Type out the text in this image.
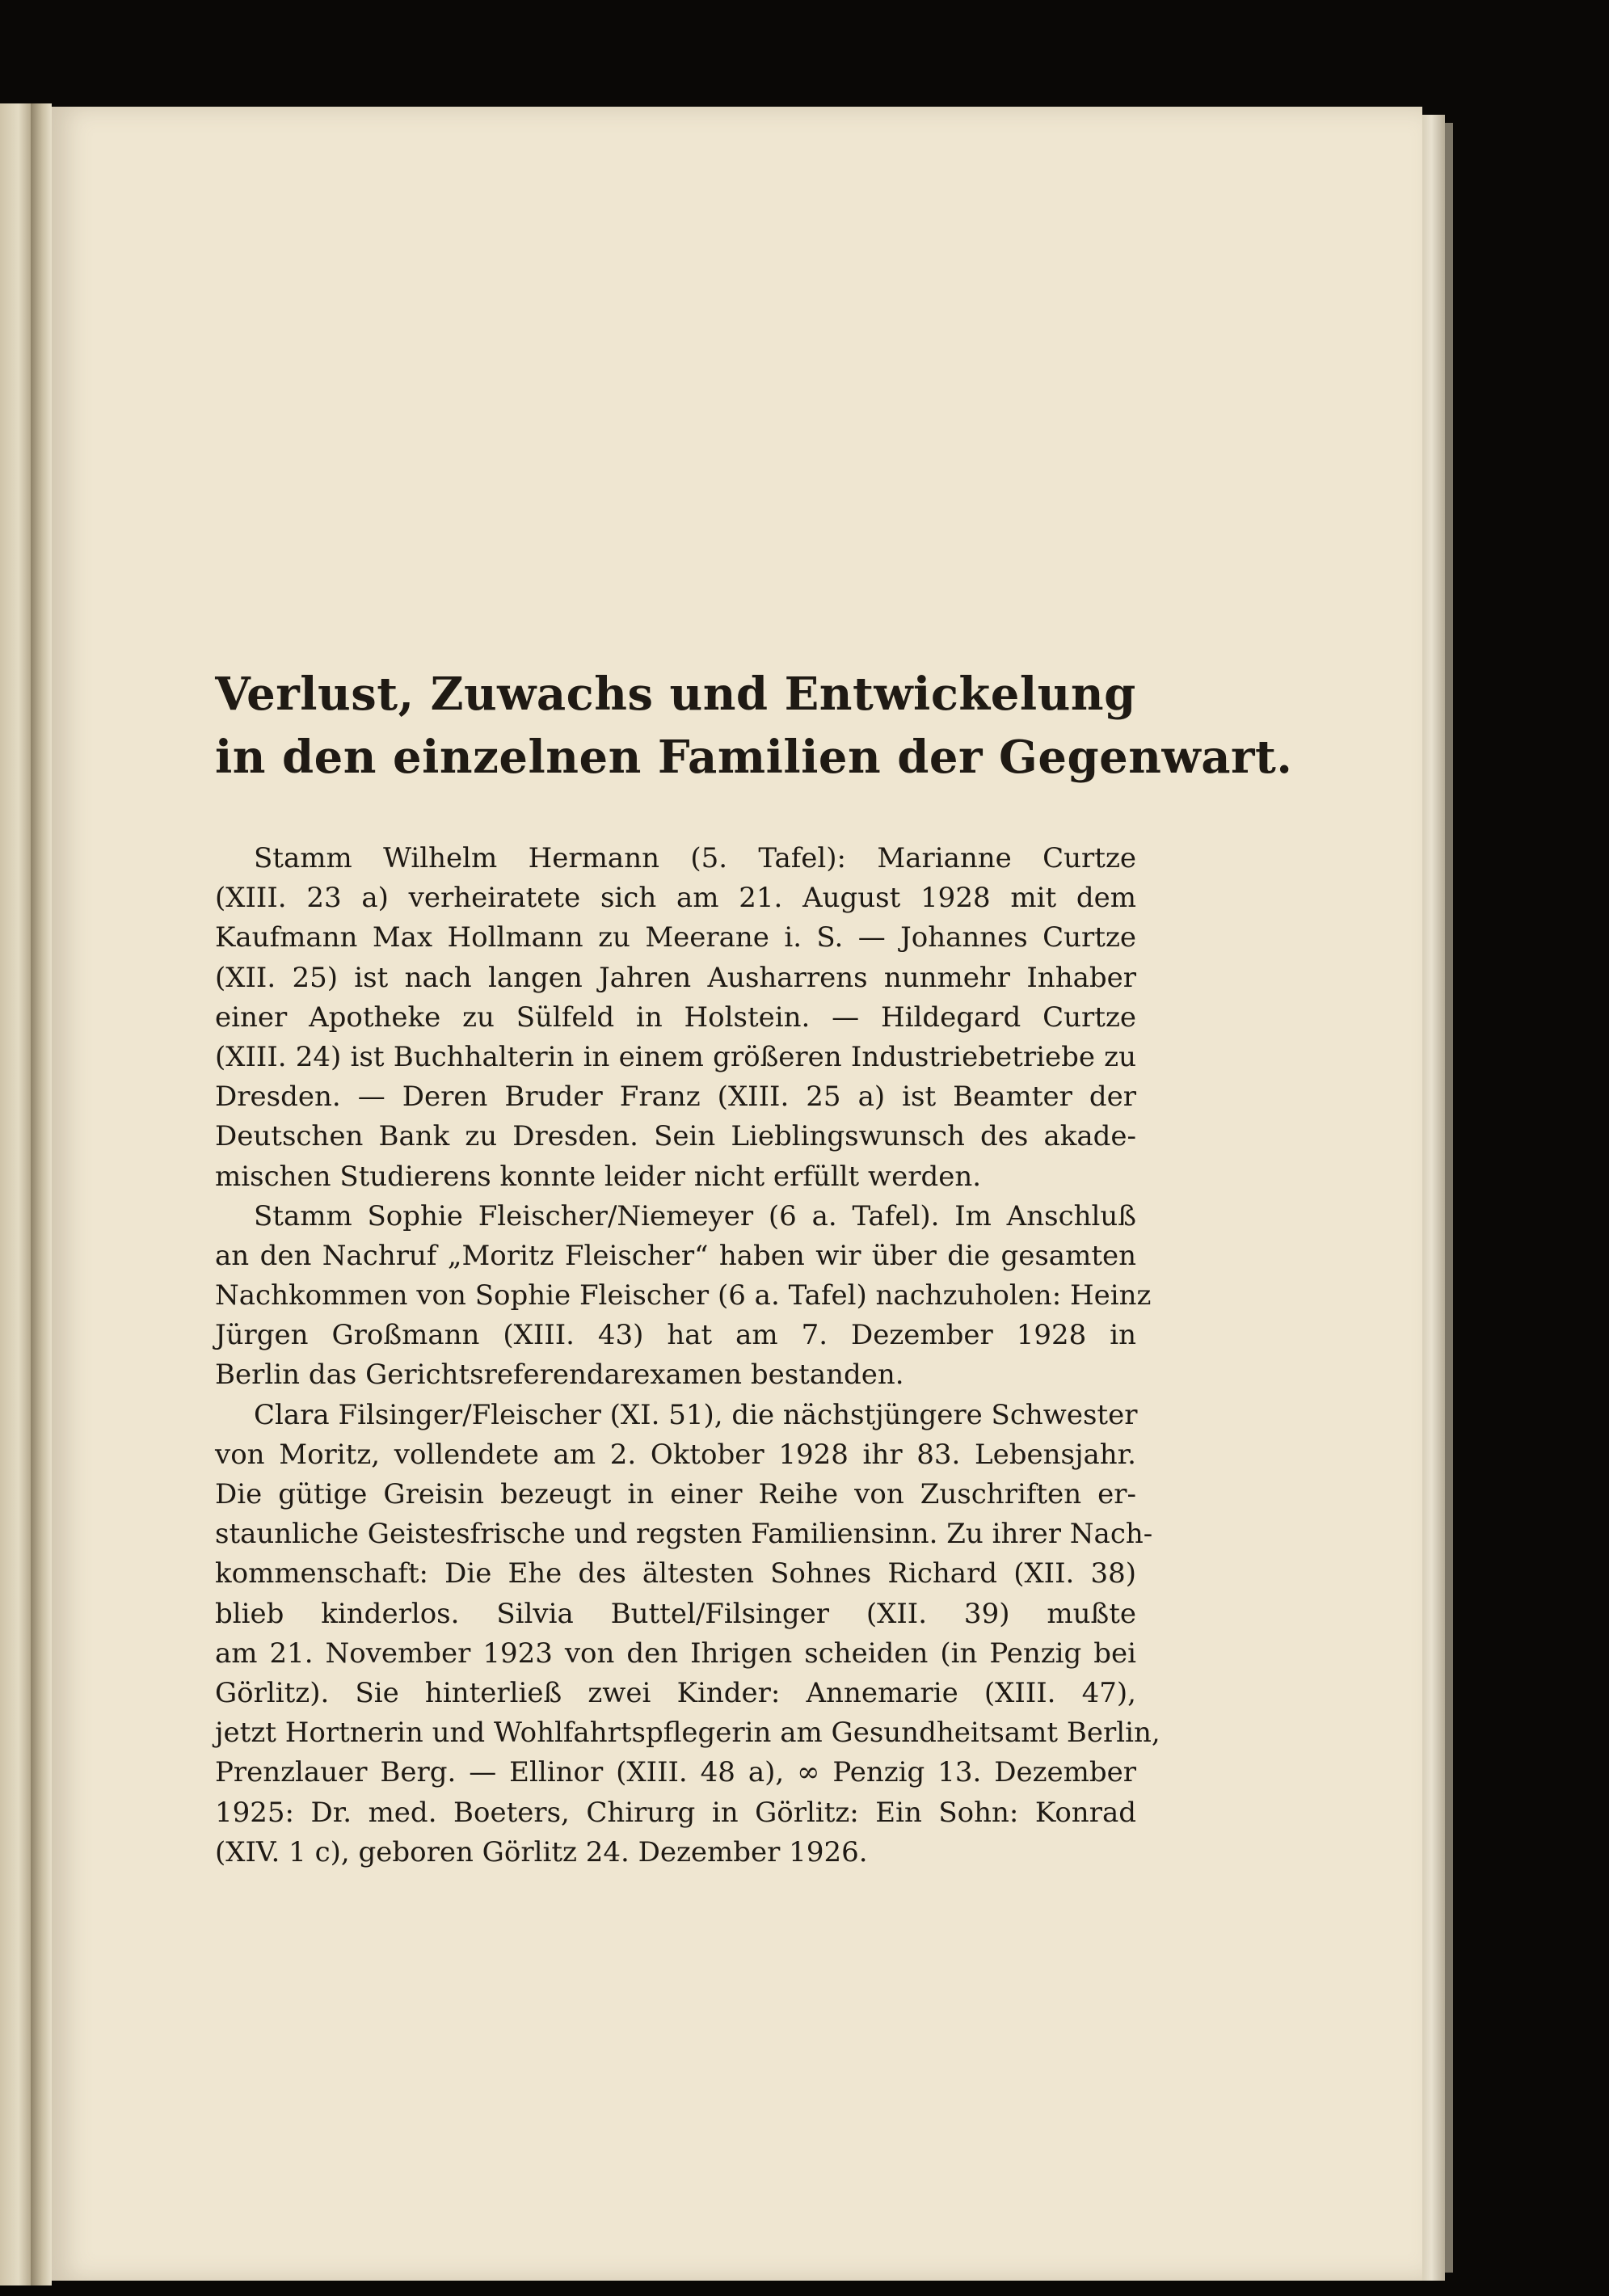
Verlust, Zuwachs und Entwickelung
in den einzelnen Familien der Gegenwart.
Stamm Wilhelm Hermann (5. Tafel): Marianne Curtze
(XIII. 23 a) verheiratete sich am 21. August 1928 mit dem
Kaufmann Max Hollmann zu Meerane i. S. — Johannes Curtze
(XII. 25) ist nach langen Jahren Ausharrens nunmehr Inhaber
einer Apotheke zu Sülfeld in Holstein. — Hildegard Curtze
(XIII. 24) ist Buchhalterin in einem größeren Industriebetriebe zu
Dresden. — Deren Bruder Franz (XIII. 25 a) ist Beamter der
Deutschen Bank zu Dresden. Sein Lieblingswunsch des akade-
mischen Studierens konnte leider nicht erfüllt werden.
Stamm Sophie Fleischer/Niemeyer (6 a. Tafel). Im Anschluß
an den Nachruf „Moritz Fleischer“ haben wir über die gesamten
Nachkommen von Sophie Fleischer (6 a. Tafel) nachzuholen: Heinz
Jürgen Großmann (XIII. 43) hat am 7. Dezember 1928 in
Berlin das Gerichtsreferendarexamen bestanden.
Clara Filsinger/Fleischer (XI. 51), die nächstjüngere Schwester
von Moritz, vollendete am 2. Oktober 1928 ihr 83. Lebensjahr.
Die gütige Greisin bezeugt in einer Reihe von Zuschriften er-
staunliche Geistesfrische und regsten Familiensinn. Zu ihrer Nach-
kommenschaft: Die Ehe des ältesten Sohnes Richard (XII. 38)
blieb kinderlos. Silvia Buttel/Filsinger (XII. 39) mußte
am 21. November 1923 von den Ihrigen scheiden (in Penzig bei
Görlitz). Sie hinterließ zwei Kinder: Annemarie (XIII. 47),
jetzt Hortnerin und Wohlfahrtspflegerin am Gesundheitsamt Berlin,
Prenzlauer Berg. — Ellinor (XIII. 48 a), ∞ Penzig 13. Dezember
1925: Dr. med. Boeters, Chirurg in Görlitz: Ein Sohn: Konrad
(XIV. 1 c), geboren Görlitz 24. Dezember 1926.
